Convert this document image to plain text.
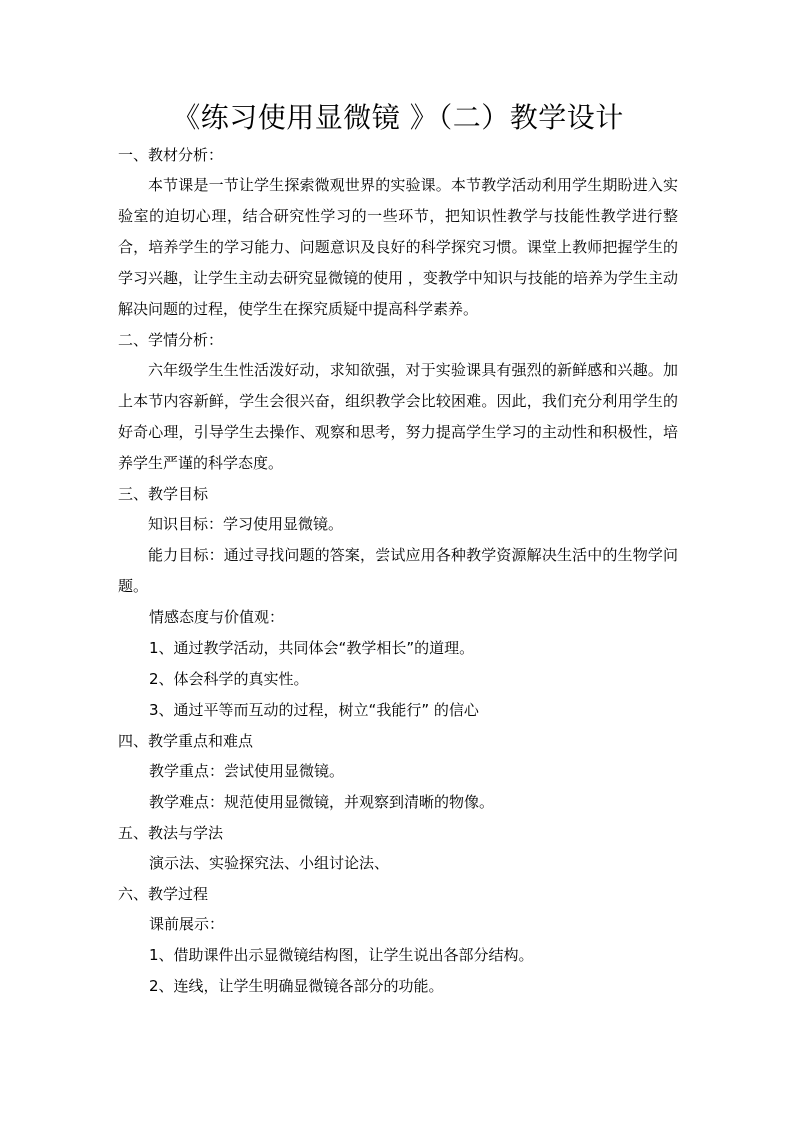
《练习使用显微镜 》（二）教学设计
一、教材分析：

本节课是一节让学生探索微观世界的实验课。本节教学活动利用学生期盼进入实验室的迫切心理，结合研究性学习的一些环节，把知识性教学与技能性教学进行整合，培养学生的学习能力、问题意识及良好的科学探究习惯。课堂上教师把握学生的学习兴趣，让学生主动去研究显微镜的使用 ，变教学中知识与技能的培养为学生主动解决问题的过程，使学生在探究质疑中提高科学素养。

二、学情分析：

六年级学生生性活泼好动，求知欲强，对于实验课具有强烈的新鲜感和兴趣。加上本节内容新鲜，学生会很兴奋，组织教学会比较困难。因此，我们充分利用学生的好奇心理，引导学生去操作、观察和思考，努力提高学生学习的主动性和积极性，培养学生严谨的科学态度。

三、教学目标

知识目标：学习使用显微镜。

能力目标：通过寻找问题的答案，尝试应用各种教学资源解决生活中的生物学问题。

情感态度与价值观：

1、通过教学活动，共同体会“教学相长”的道理。

2、体会科学的真实性。

3、通过平等而互动的过程，树立“我能行” 的信心

四、教学重点和难点

教学重点：尝试使用显微镜。

教学难点：规范使用显微镜，并观察到清晰的物像。

五、教法与学法

演示法、实验探究法、小组讨论法、

六、教学过程

课前展示：

1、借助课件出示显微镜结构图，让学生说出各部分结构。

2、连线，让学生明确显微镜各部分的功能。
